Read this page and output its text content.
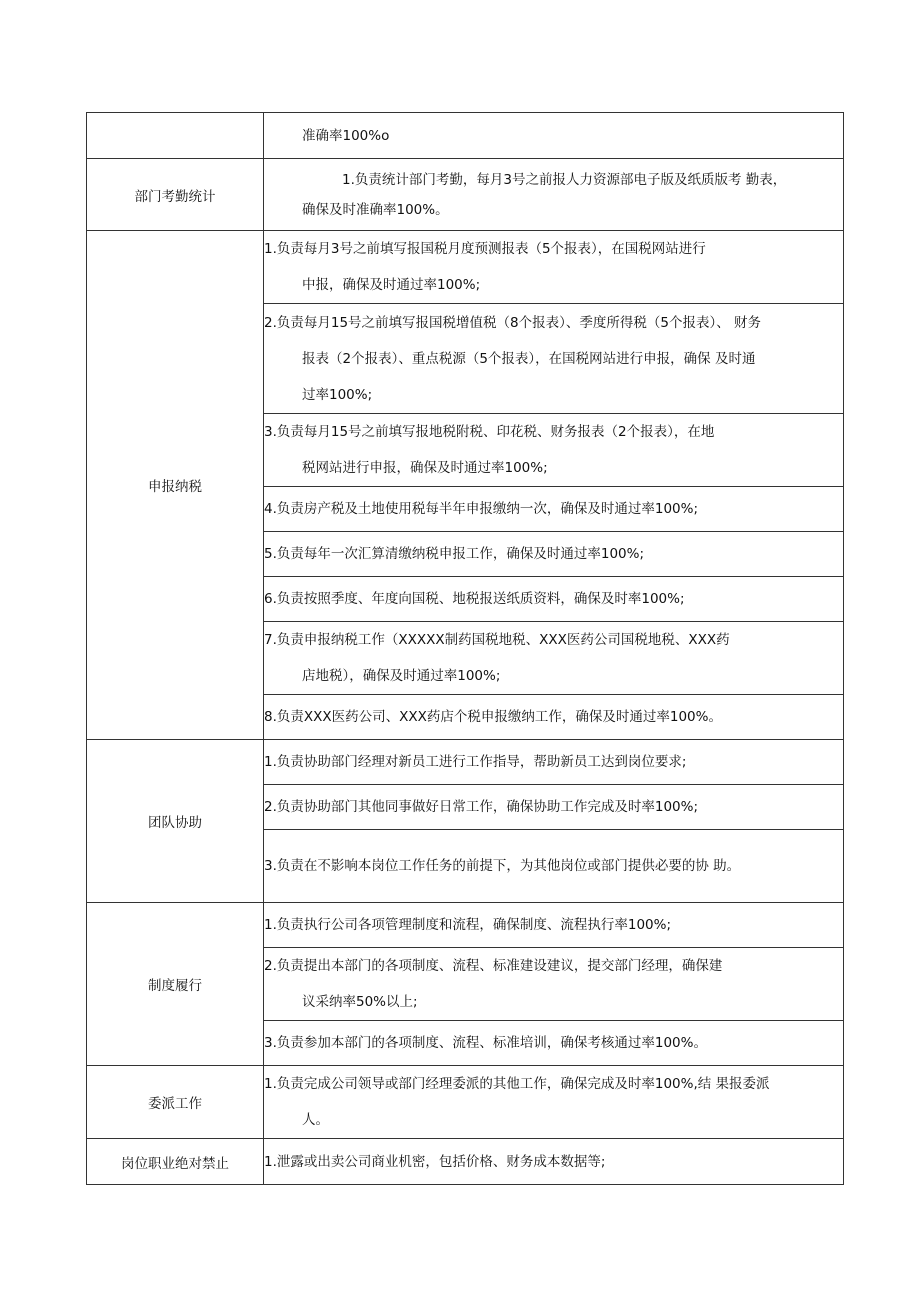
	准确率100%o

部门考勤统计	1.负责统计部门考勤，每月3号之前报人力资源部电子版及纸质版考 勤表，
确保及时准确率100%。

申报纳税	1.负责每月3号之前填写报国税月度预测报表（5个报表），在国税网站进行
中报，确保及时通过率100%;

	2.负责每月15号之前填写报国税增值税（8个报表）、季度所得税（5个报表）、 财务
报表（2个报表）、重点税源（5个报表），在国税网站进行申报，确保 及时通
过率100%;

	3.负责每月15号之前填写报地税附税、印花税、财务报表（2个报表），在地
税网站进行申报，确保及时通过率100%;

	4.负责房产税及土地使用税每半年申报缴纳一次，确保及时通过率100%;

	5.负责每年一次汇算清缴纳税申报工作，确保及时通过率100%;

	6.负责按照季度、年度向国税、地税报送纸质资料，确保及时率100%;

	7.负责申报纳税工作（XXXXX制药国税地税、XXX医药公司国税地税、XXX药
店地税），确保及时通过率100%;

	8.负责XXX医药公司、XXX药店个税申报缴纳工作，确保及时通过率100%。

团队协助	1.负责协助部门经理对新员工进行工作指导，帮助新员工达到岗位要求;

	2.负责协助部门其他同事做好日常工作，确保协助工作完成及时率100%;

	3.负责在不影响本岗位工作任务的前提下，为其他岗位或部门提供必要的协 助。

制度履行	1.负责执行公司各项管理制度和流程，确保制度、流程执行率100%;

	2.负责提出本部门的各项制度、流程、标准建设建议，提交部门经理，确保建
议采纳率50%以上;

	3.负责参加本部门的各项制度、流程、标准培训，确保考核通过率100%。

委派工作	1.负责完成公司领导或部门经理委派的其他工作，确保完成及时率100%,结 果报委派
人。

岗位职业绝对禁止	1.泄露或出卖公司商业机密，包括价格、财务成本数据等;
